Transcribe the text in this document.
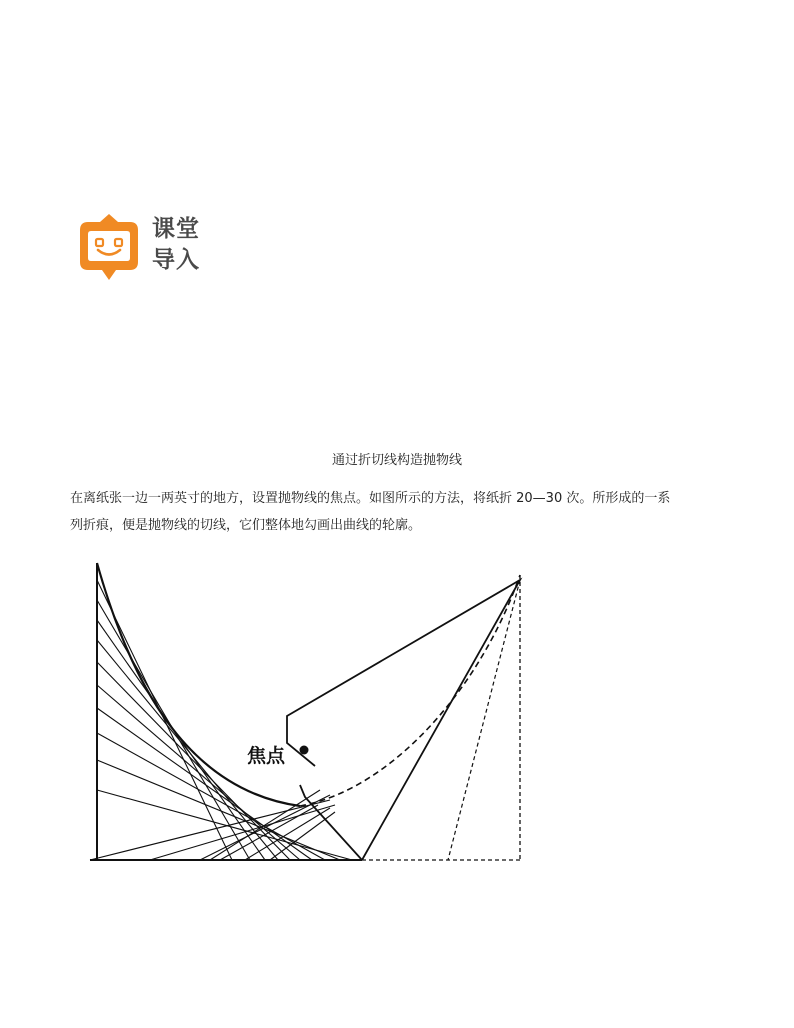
课堂
导入
通过折切线构造抛物线
在离纸张一边一两英寸的地方，设置抛物线的焦点。如图所示的方法，将纸折 20—30 次。所形成的一系
列折痕，便是抛物线的切线，它们整体地勾画出曲线的轮廓。
焦点
